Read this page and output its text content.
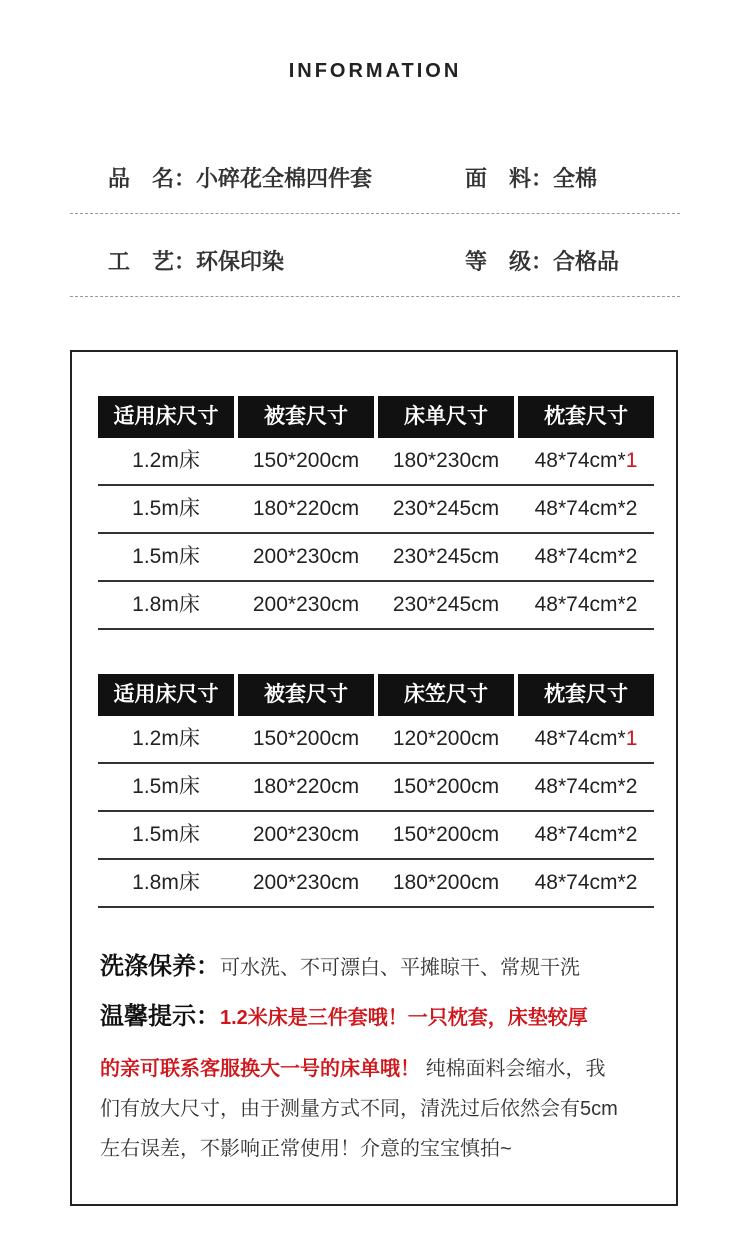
INFORMATION
品　名：小碎花全棉四件套	面　料：全棉
工　艺：环保印染	等　级：合格品
适用床尺寸	被套尺寸	床单尺寸	枕套尺寸
1.2m床	150*200cm	180*230cm	48*74cm*1
1.5m床	180*220cm	230*245cm	48*74cm*2
1.5m床	200*230cm	230*245cm	48*74cm*2
1.8m床	200*230cm	230*245cm	48*74cm*2
适用床尺寸	被套尺寸	床笠尺寸	枕套尺寸
1.2m床	150*200cm	120*200cm	48*74cm*1
1.5m床	180*220cm	150*200cm	48*74cm*2
1.5m床	200*230cm	150*200cm	48*74cm*2
1.8m床	200*230cm	180*200cm	48*74cm*2
洗涤保养：可水洗、不可漂白、平摊晾干、常规干洗
温馨提示：1.2米床是三件套哦！一只枕套，床垫较厚
的亲可联系客服换大一号的床单哦！ 纯棉面料会缩水，我
们有放大尺寸，由于测量方式不同，清洗过后依然会有5cm
左右误差，不影响正常使用！介意的宝宝慎拍~
